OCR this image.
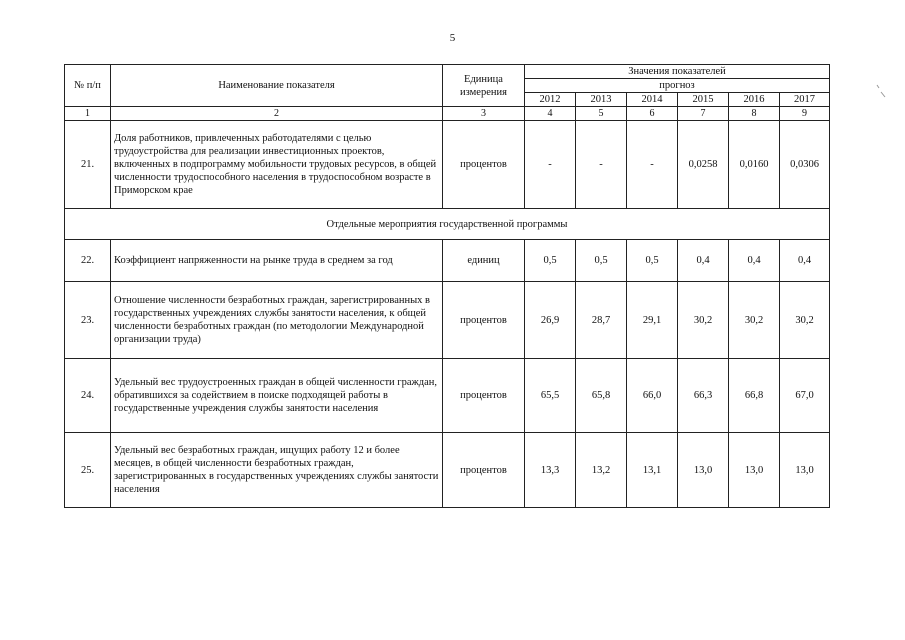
5
№ п/п	Наименование показателя	Единица измерения	Значения показателей					
			прогноз					
			2012	2013	2014	2015	2016	2017
1	2	3	4	5	6	7	8	9
21.	Доля работников, привлеченных работодателями с целью трудоустройства для реализации инвестиционных проектов, включенных в подпрограмму мобильности трудовых ресурсов, в общей численности трудоспособного населения в трудоспособном возрасте в Приморском крае	процентов	-	-	-	0,0258	0,0160	0,0306
Отдельные мероприятия государственной программы								
22.	Коэффициент напряженности на рынке труда в среднем за год	единиц	0,5	0,5	0,5	0,4	0,4	0,4
23.	Отношение численности безработных граждан, зарегистрированных в государственных учреждениях службы занятости населения, к общей численности безработных граждан (по методологии Международной организации труда)	процентов	26,9	28,7	29,1	30,2	30,2	30,2
24.	Удельный вес трудоустроенных граждан в общей численности граждан, обратившихся за содействием в поиске подходящей работы в государственные учреждения службы занятости населения	процентов	65,5	65,8	66,0	66,3	66,8	67,0
25.	Удельный вес безработных граждан, ищущих работу 12 и более месяцев, в общей численности безработных граждан, зарегистрированных в государственных учреждениях службы занятости населения	процентов	13,3	13,2	13,1	13,0	13,0	13,0
